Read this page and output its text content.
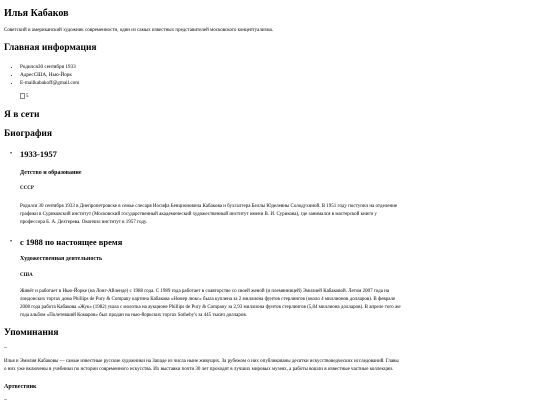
Илья Кабаков
Советский и американский художник современности, один из самых известных представителей московского концептуализма.
Главная информация
• Родился30 сентября 1933
• АдресСША, Нью-Йорк
• E-mailkabakoff@gmail.com
5
Я в сети
Биография
• 1933-1957
Детство и образование
СССР

Родился 30 сентября 1933 в Днепропетровске в семье слесаря Иосифа Бенционовича Кабакова и бухгалтера Беллы Юделевны Солодухиной. В 1951 году поступил на отделение

графики в Суриковский институт (Московский государственный академический художественный институт имени В. И. Сурикова), где занимался в мастерской книги у

профессора Б. А. Дехтерева. Окончил институт в 1957 году.

• с 1988 по настоящее время
Художественная деятельность
США

Живёт и работает в Нью-Йорке (на Лонг-Айленде) с 1988 года. С 1989 года работает в соавторстве со своей женой (и племянницей) Эмилией Кабаковой. Летом 2007 года на

лондонских торгах дома Phillips de Pury & Company картина Кабакова «Номер люкс» была куплена за 2 миллиона фунтов стерлингов (около 4 миллионов долларов). В феврале

2008 года работа Кабакова «Жук» (1982) ушла с молотка на аукционе Phillips de Pury & Company за 2,93 миллиона фунтов стерлингов (5,84 миллиона долларов). В апреле того же

года альбом «Полетевший Комаров» был продан на нью-йоркских торгах Sotheby's за 445 тысяч долларов.

Упоминания
–

Илья и Эмилия Кабаковы — самые известные русские художники на Западе из числа ныне живущих. За рубежом о них опубликованы десятки искусствоведческих исследований. Главы

о них уже включены в учебники по истории современного искусства. Их выставки почти 30 лет проходят в лучших мировых музеях, а работы вошли в известные частные коллекции.

Артвестник
–
